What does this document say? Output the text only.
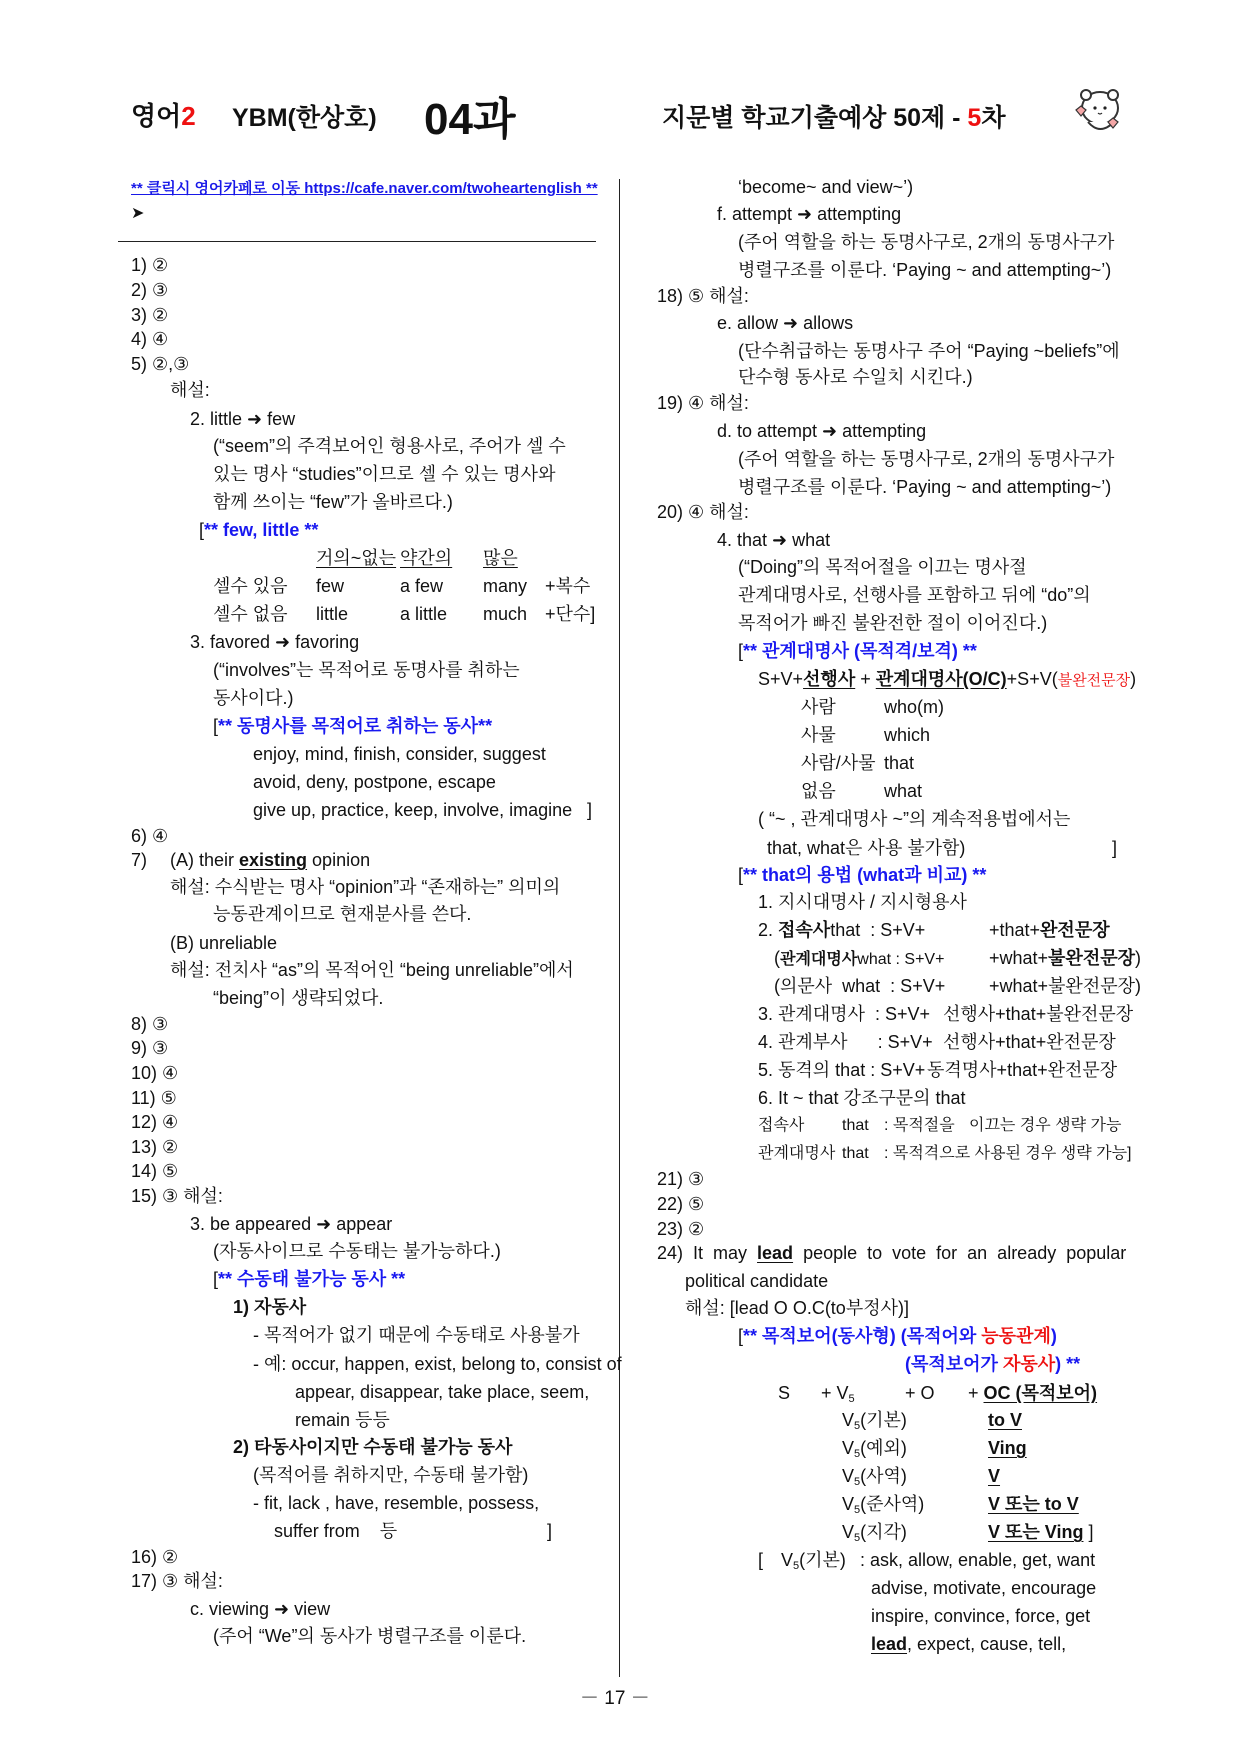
영어2 YBM(한상호) 04과	지문별 학교기출예상 50제 - 5차
** 클릭시 영어카페로 이동 https://cafe.naver.com/twoheartenglish **
➤
1) ②
2) ③
3) ②
4) ④
5) ②,③
해설:
2. little ➜ few
(“seem”의 주격보어인 형용사로, 주어가 셀 수
있는 명사 “studies”이므로 셀 수 있는 명사와
함께 쓰이는 “few”가 올바르다.)
[** few, little **
거의~없는 약간의 많은
셀수 있음 few	a few many +복수
셀수 없음 little	a little much +단수]
3. favored ➜ favoring
(“involves”는 목적어로 동명사를 취하는
동사이다.)
[** 동명사를 목적어로 취하는 동사**
enjoy, mind, finish, consider, suggest
avoid, deny, postpone, escape
give up, practice, keep, involve, imagine ]
6) ④
7) (A) their existing opinion
해설: 수식받는 명사 “opinion”과 “존재하는” 의미의
능동관계이므로 현재분사를 쓴다.
(B) unreliable
해설: 전치사 “as”의 목적어인 “being unreliable”에서
“being”이 생략되었다.
8) ③
9) ③
10) ④
11) ⑤
12) ④
13) ②
14) ⑤
15) ③ 해설:
3. be appeared ➜ appear
(자동사이므로 수동태는 불가능하다.)
[** 수동태 불가능 동사 **
1) 자동사
- 목적어가 없기 때문에 수동태로 사용불가
- 예: occur, happen, exist, belong to, consist of
appear, disappear, take place, seem,
remain 등등
2) 타동사이지만 수동태 불가능 동사
(목적어를 취하지만, 수동태 불가함)
- fit, lack , have, resemble, possess,
suffer from    등	]
16) ②
17) ③ 해설:
c. viewing ➜ view
(주어 “We”의 동사가 병렬구조를 이룬다.
‘become~ and view~’)
f. attempt ➜ attempting
(주어 역할을 하는 동명사구로, 2개의 동명사구가
병렬구조를 이룬다. ‘Paying ~ and attempting~’)
18) ⑤ 해설:
e. allow ➜ allows
(단수취급하는 동명사구 주어 “Paying ~beliefs”에
단수형 동사로 수일치 시킨다.)
19) ④ 해설:
d. to attempt ➜ attempting
(주어 역할을 하는 동명사구로, 2개의 동명사구가
병렬구조를 이룬다. ‘Paying ~ and attempting~’)
20) ④ 해설:
4. that ➜ what
(“Doing”의 목적어절을 이끄는 명사절
관계대명사로, 선행사를 포함하고 뒤에 “do”의
목적어가 빠진 불완전한 절이 이어진다.)
[** 관계대명사 (목적격/보격) **
S+V+선행사 + 관계대명사(O/C)+S+V(불완전문장)
사람	who(m)
사물	which
사람/사물 that
없음	what
( “~ , 관계대명사 ~”의 계속적용법에서는
that, what은 사용 불가함)	]
[** that의 용법 (what과 비교) **
1. 지시대명사 / 지시형용사
2. 접속사that  : S+V+	+that+완전문장
(관계대명사what : S+V+ +what+불완전문장)
(의문사  what  : S+V+ +what+불완전문장)
3. 관계대명사  : S+V+ 선행사+that+불완전문장
4. 관계부사      : S+V+ 선행사+that+완전문장
5. 동격의 that : S+V+ 동격명사+that+완전문장
6. It ~ that 강조구문의 that
접속사 that : 목적절을 이끄는 경우 생략 가능
관계대명사 that : 목적격으로 사용된 경우 생략 가능]
21) ③
22) ⑤
23) ②
24) It may lead people to vote for an already popular
political candidate
해설: [lead O O.C(to부정사)]
[** 목적보어(동사형) (목적어와 능동관계)
(목적보어가 자동사) **
$S + V_5$	+ O + OC (목적보어)
$V_5$(기본)	to V
$V_5$(예외)	Ving
$V_5$(사역)	V
$V_5$(준사역)	V 또는 to V
$V_5$(지각)	V 또는 Ving ]
[ $V_5$(기본) : ask, allow, enable, get, want
advise, motivate, encourage
inspire, convince, force, get
lead, expect, cause, tell,
－ 17 －
